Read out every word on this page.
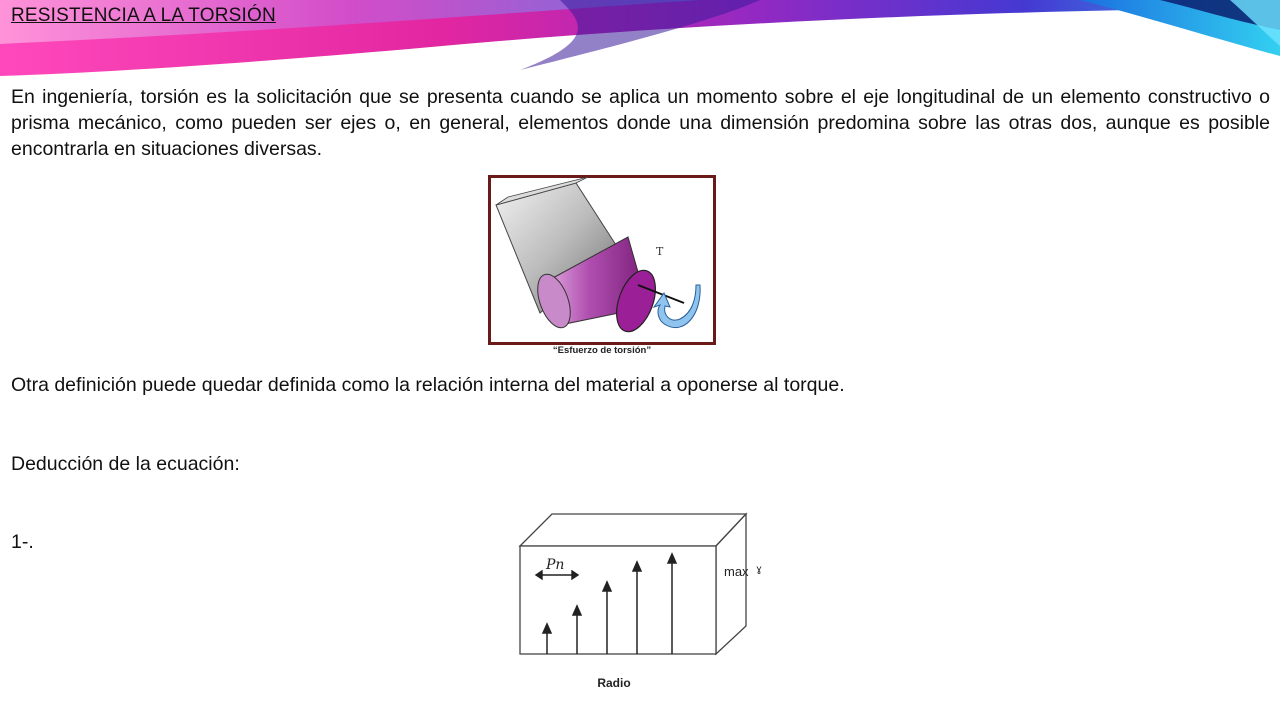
RESISTENCIA A LA TORSIÓN

En ingeniería, torsión es la solicitación que se presenta cuando se aplica un momento sobre el eje longitudinal de un elemento constructivo o prisma mecánico, como pueden ser ejes o, en general, elementos donde una dimensión predomina sobre las otras dos, aunque es posible encontrarla en situaciones diversas.

T
“Esfuerzo de torsión”

Otra definición puede quedar definida como la relación interna del material a oponerse al torque.

Deducción de la ecuación:

1-.

Pn	max ɣ
Radio
